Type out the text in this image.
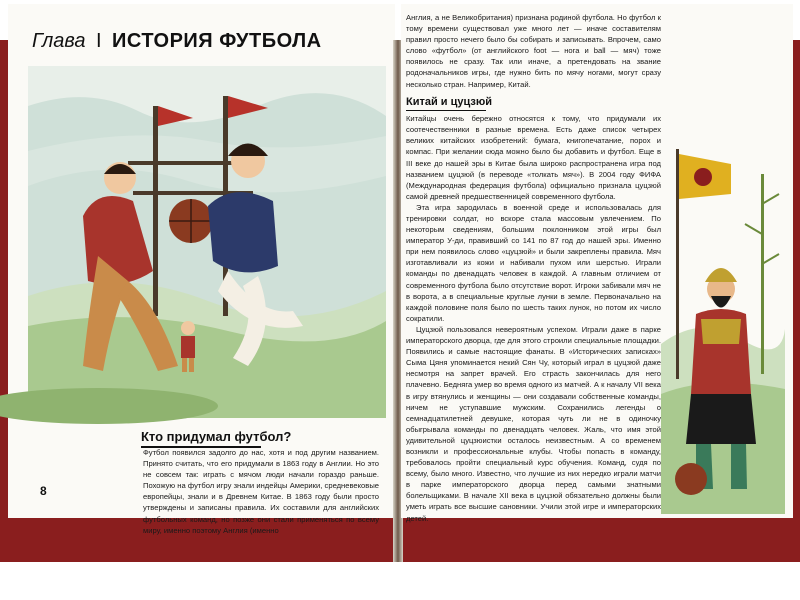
Глава I ИСТОРИЯ ФУТБОЛА
Кто придумал футбол?

Футбол появился задолго до нас, хотя и под другим названием. Принято считать, что его придумали в 1863 году в Англии. Но это не совсем так: играть с мячом люди начали гораздо раньше. Похожую на футбол игру знали индейцы Америки, средневековые европейцы, знали и в Древнем Китае. В 1863 году были просто утверждены и записаны правила. Их составили для английских футбольных команд, но позже они стали применяться по всему миру, именно поэтому Англия (именно

8

Англия, а не Великобритания) признана родиной футбола. Но футбол к тому времени существовал уже много лет — иначе составителям правил просто нечего было бы собирать и записывать. Впрочем, само слово «футбол» (от английского foot — нога и ball — мяч) тоже появилось не сразу. Так или иначе, а претендовать на звание родоначальников игры, где нужно бить по мячу ногами, могут сразу несколько стран. Например, Китай.

Китай и цуцзюй

Китайцы очень бережно относятся к тому, что придумали их соотечественники в разные времена. Есть даже список четырех великих китайских изобретений: бумага, книгопечатание, порох и компас. При желании сюда можно было бы добавить и футбол. Еще в III веке до нашей эры в Китае была широко распространена игра под названием цуцзюй (в переводе «толкать мяч»). В 2004 году ФИФА (Международная федерация футбола) официально признала цуцзюй самой древней предшественницей современного футбола.

Эта игра зародилась в военной среде и использовалась для тренировки солдат, но вскоре стала массовым увлечением. По некоторым сведениям, большим поклонником этой игры был император У-ди, правивший со 141 по 87 год до нашей эры. Именно при нем появилось слово «цуцзюй» и были закреплены правила. Мяч изготавливали из кожи и набивали пухом или шерстью. Играли команды по двенадцать человек в каждой. А главным отличием от современного футбола было отсутствие ворот. Игроки забивали мяч не в ворота, а в специальные круглые лунки в земле. Первоначально на каждой половине поля было по шесть таких лунок, но потом их число сократили.

Цуцзюй пользовался невероятным успехом. Играли даже в парке императорского дворца, где для этого строили специальные площадки. Появились и самые настоящие фанаты. В «Исторических записках» Сыма Цяня упоминается некий Сян Чу, который играл в цуцзюй даже несмотря на запрет врачей. Его страсть закончилась для него плачевно. Бедняга умер во время одного из матчей. А к началу VII века в игру втянулись и женщины — они создавали собственные команды, ничем не уступавшие мужским. Сохранились легенды о семнадцатилетней девушке, которая чуть ли не в одиночку обыгрывала команды по двенадцать человек. Жаль, что имя этой удивительной цуцзюистки осталось неизвестным. А со временем возникли и профессиональные клубы. Чтобы попасть в команду, требовалось пройти специальный курс обучения. Команд, судя по всему, было много. Известно, что лучшие из них нередко играли матчи в парке императорского дворца перед самыми знатными болельщиками. В начале XII века в цуцзюй обязательно должны были уметь играть все высшие сановники. Учили этой игре и императорских детей.
